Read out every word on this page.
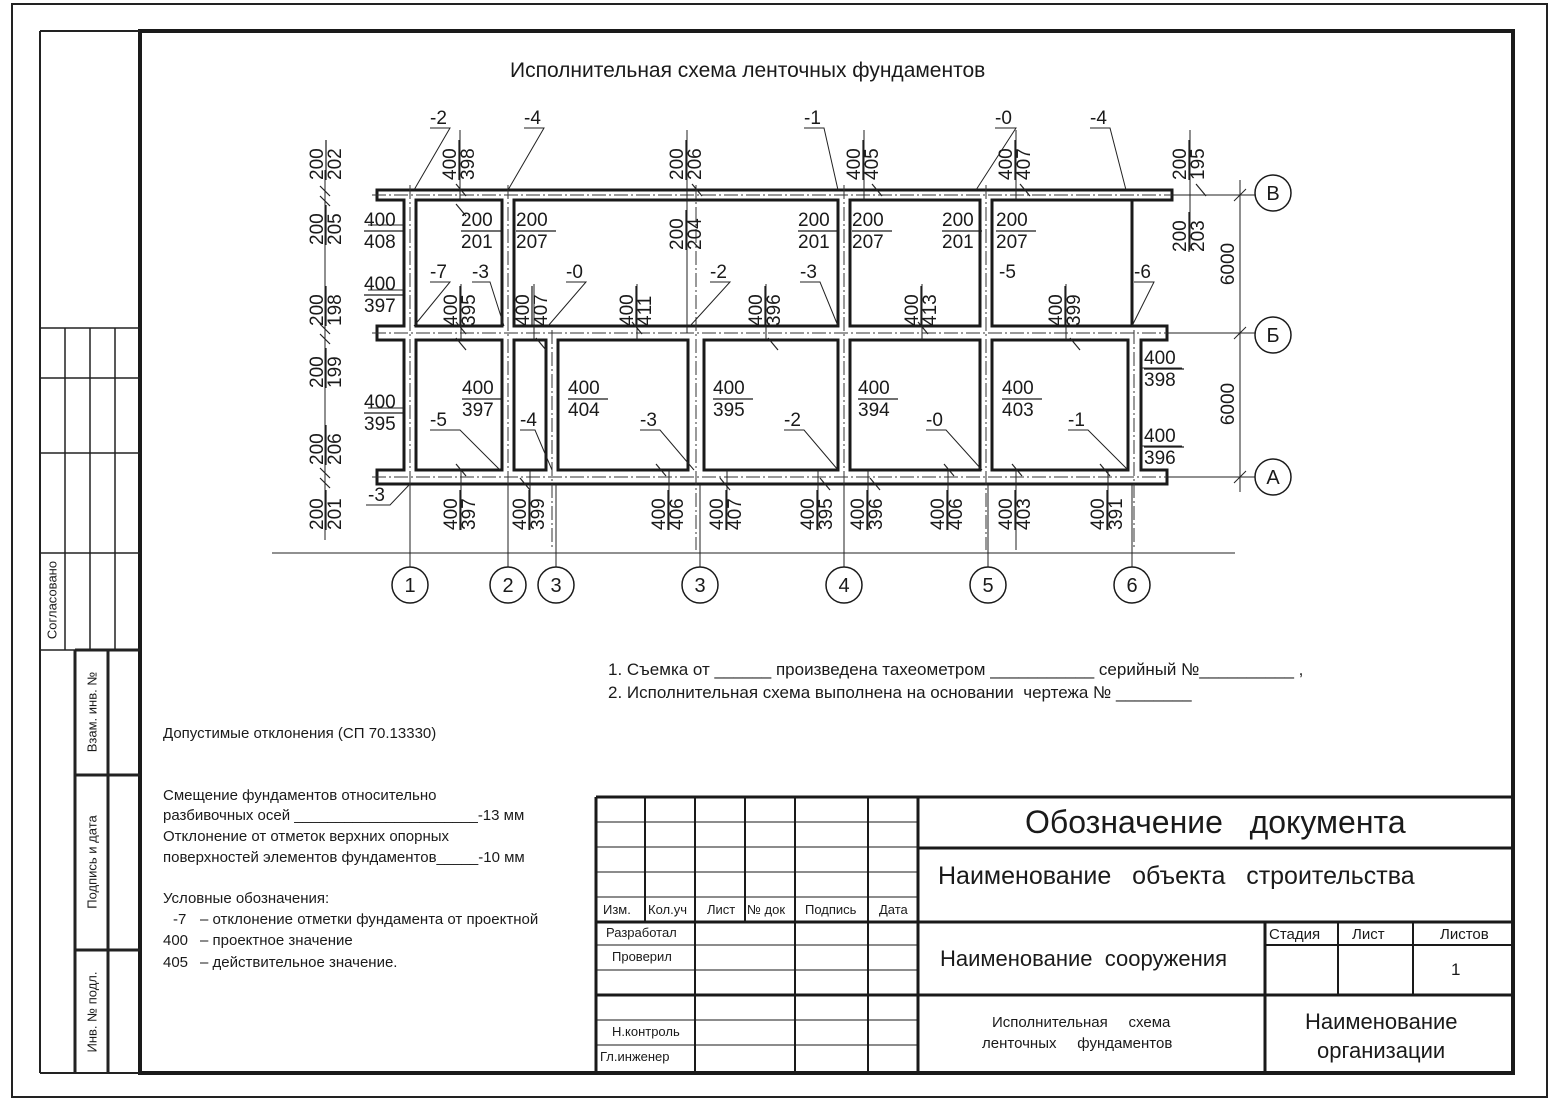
200
202	400
398	200
206	400
405	400
407	200
195
200
205
200
198
200
199
200
206
200
201
200
203
400
408
200
201
200
207	200
204	200
201
200
207
200
201
200
207
400
397 400
395 400
407	400
411	400
396	400
413	400
399
400
395
400
397
400
404
400
395
400
394
400
403
400
398
400
396
400
397 400
399	400
406 400
407	400
395 400
396 400
406 400
403	400
391
-2	-4	-1	-0	-4
-7 -3	-0	-2	-3	-5	-6
-5	-4	-3	-2	-0	-1
-3
1	2 3	3	4	5	6
В
Б
А
6000
6000
Исполнительная схема ленточных фундаментов
Согласовано
Взам. инв. №
Подпись и дата
Инв. № подл.
1. Съемка от ______ произведена тахеометром ___________ серийный №__________ ,
2. Исполнительная схема выполнена на основании  чертежа № ________
Допустимые отклонения (СП 70.13330)
Смещение фундаментов относительно
разбивочных осей ______________________-13 мм
Отклонение от отметок верхних опорных
поверхностей элементов фундаментов_____-10 мм
Условные обозначения:
-7 – отклонение отметки фундамента от проектной
400 – проектное значение
405 – действительное значение.
Изм. Кол.уч Лист № док Подпись Дата
Разработал
Проверил
Н.контроль
Гл.инженер
Обозначение   документа
Наименование   объекта   строительства
Наименование  сооружения
Исполнительная     схема
ленточных     фундаментов
Стадия Лист	Листов
1
Наименование
организации
